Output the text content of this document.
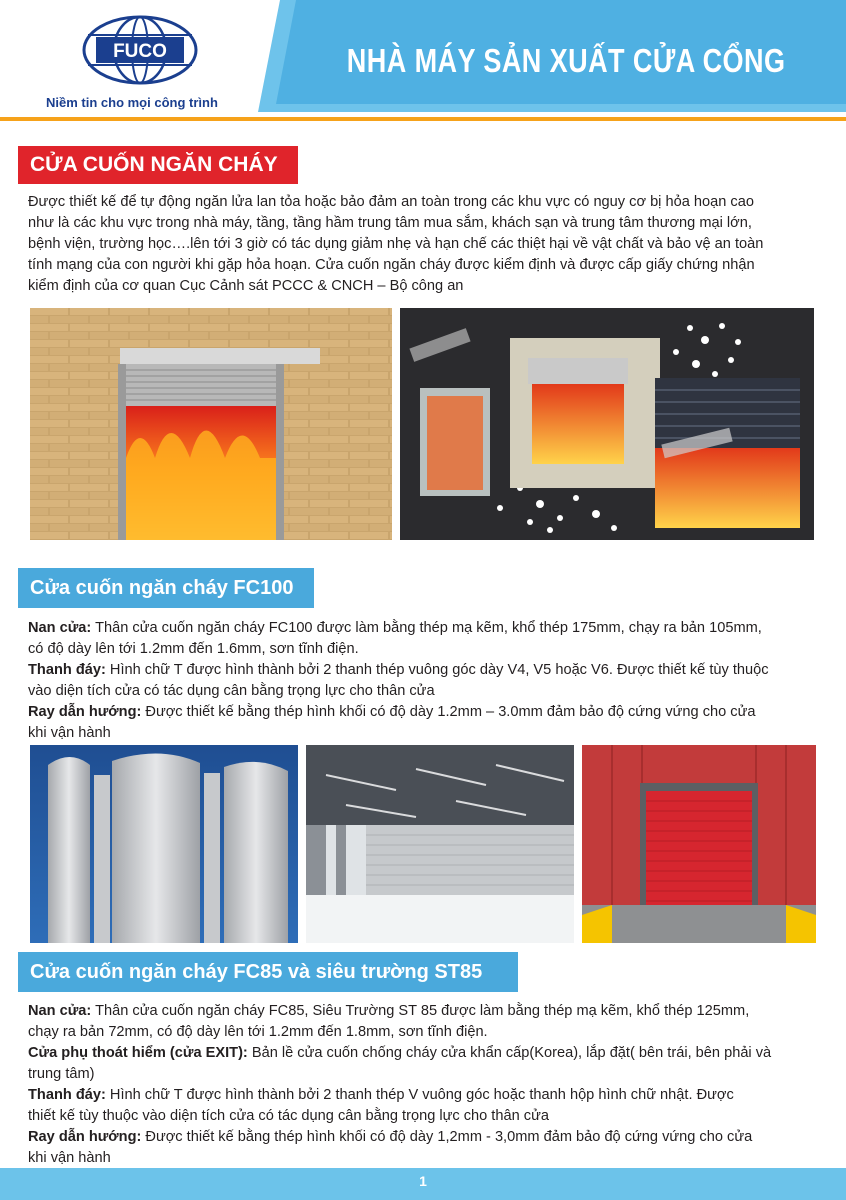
FUCO
Niềm tin cho mọi công trình
NHÀ MÁY SẢN XUẤT CỬA CỔNG
CỬA CUỐN NGĂN CHÁY

Được thiết kế để tự động ngăn lửa lan tỏa hoặc bảo đảm an toàn trong các khu vực có nguy cơ bị hỏa hoạn cao

như là các khu vực trong nhà máy, tầng, tầng hầm trung tâm mua sắm, khách sạn và trung tâm thương mại lớn,

bệnh viện, trường học….lên tới 3 giờ có tác dụng giảm nhẹ và hạn chế các thiệt hại về vật chất và bảo vệ an toàn

tính mạng của con người khi gặp hỏa hoạn. Cửa cuốn ngăn cháy được kiểm định và được cấp giấy chứng nhận

kiểm định của cơ quan Cục Cảnh sát PCCC & CNCH – Bộ công an

Cửa cuốn ngăn cháy FC100

Nan cửa: Thân cửa cuốn ngăn cháy FC100 được làm bằng thép mạ kẽm, khổ thép 175mm, chạy ra bản 105mm,

có độ dày lên tới 1.2mm đến 1.6mm, sơn tĩnh điện.

Thanh đáy: Hình chữ T được hình thành bởi 2 thanh thép vuông góc dày V4, V5 hoặc V6. Được thiết kế tùy thuộc

vào diện tích cửa có tác dụng cân bằng trọng lực cho thân cửa

Ray dẫn hướng: Được thiết kế bằng thép hình khối có độ dày 1.2mm – 3.0mm đảm bảo độ cứng vứng cho cửa

khi vận hành

Cửa cuốn ngăn cháy FC85 và siêu trường ST85

Nan cửa: Thân cửa cuốn ngăn cháy FC85, Siêu Trường ST 85 được làm bằng thép mạ kẽm, khổ thép 125mm,

chạy ra bản 72mm, có độ dày lên tới 1.2mm đến 1.8mm, sơn tĩnh điện.

Cửa phụ thoát hiểm (cửa EXIT): Bản lề cửa cuốn chống cháy cửa khẩn cấp(Korea), lắp đặt( bên trái, bên phải và

trung tâm)

Thanh đáy: Hình chữ T được hình thành bởi 2 thanh thép V vuông góc hoặc thanh hộp hình chữ nhật. Được

thiết kế tùy thuộc vào diện tích cửa có tác dụng cân bằng trọng lực cho thân cửa

Ray dẫn hướng: Được thiết kế bằng thép hình khối có độ dày 1,2mm - 3,0mm đảm bảo độ cứng vứng cho cửa

khi vận hành

1
